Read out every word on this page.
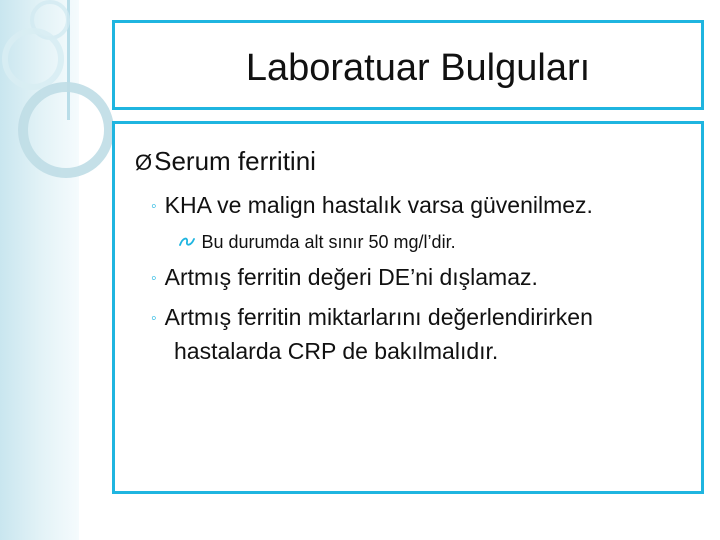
Laboratuar Bulguları
ØSerum ferritini
◦ KHA ve malign hastalık varsa güvenilmez.
Bu durumda alt sınır 50 mg/l’dir.
◦ Artmış ferritin değeri DE’ni dışlamaz.
◦ Artmış ferritin miktarlarını değerlendirirken
hastalarda CRP de bakılmalıdır.
